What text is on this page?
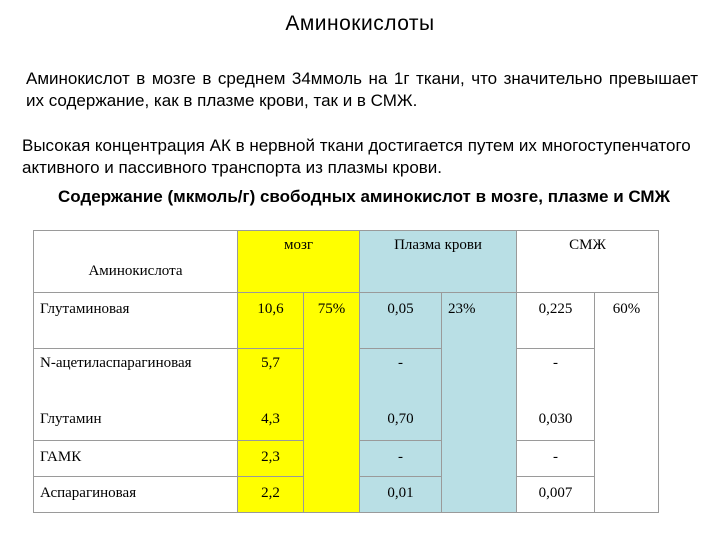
Аминокислоты
Аминокислот в мозге в среднем 34ммоль на 1г ткани, что значительно превышает их содержание, как в плазме крови, так и в СМЖ.
Высокая концентрация АК в нервной ткани достигается путем их многоступенчатого активного и пассивного транспорта из плазмы крови.
Содержание (мкмоль/г) свободных аминокислот в мозге, плазме и СМЖ
Аминокислота	мозг		Плазма крови		СМЖ	
Глутаминовая	10,6	75%	0,05	23%	0,225	60%
N-ацетиласпарагиновая	5,7		-		-	
Глутамин	4,3		0,70		0,030	
ГАМК	2,3		-		-	
Аспарагиновая	2,2		0,01		0,007	
